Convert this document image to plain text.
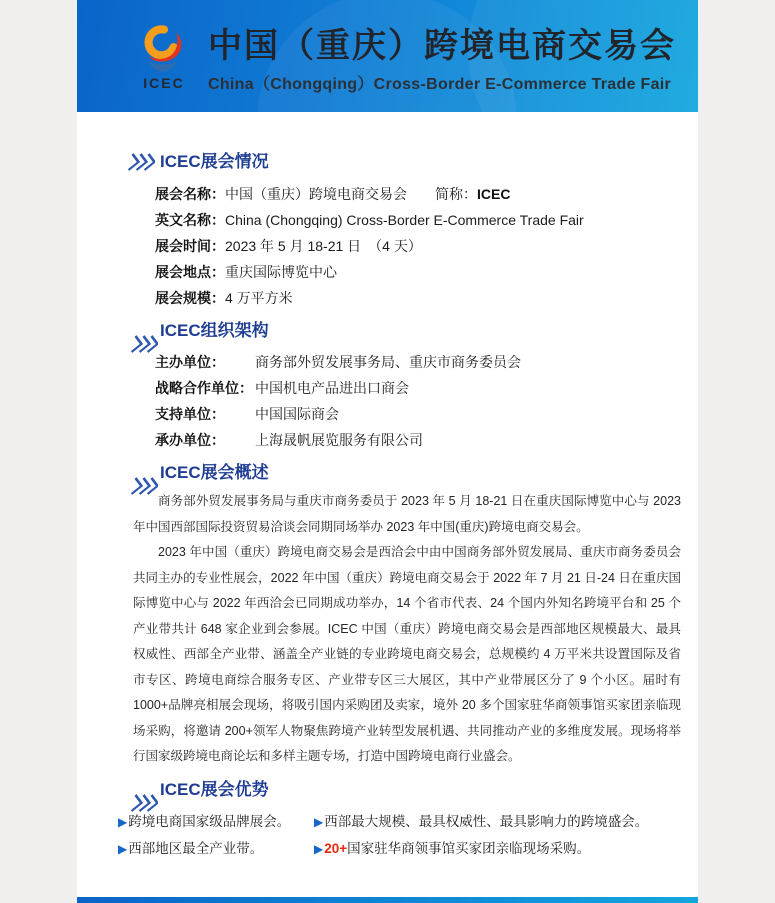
ICEC
中国（重庆）跨境电商交易会
China（Chongqing）Cross-Border E-Commerce Trade Fair
ICEC展会情况
展会名称：中国（重庆）跨境电商交易会 简称：ICEC
英文名称：China (Chongqing) Cross-Border E-Commerce Trade Fair
展会时间：2023 年 5 月 18-21 日　（4 天）
展会地点：重庆国际博览中心
展会规模：4 万平方米
ICEC组织架构
主办单位：	商务部外贸发展事务局、重庆市商务委员会
战略合作单位： 中国机电产品进出口商会
支持单位：	中国国际商会
承办单位：	上海晟帆展览服务有限公司
ICEC展会概述

商务部外贸发展事务局与重庆市商务委员于 2023 年 5 月 18-21 日在重庆国际博览中心与 2023 年中国西部国际投资贸易洽谈会同期同场举办 2023 年中国(重庆)跨境电商交易会。

2023 年中国（重庆）跨境电商交易会是西洽会中由中国商务部外贸发展局、重庆市商务委员会共同主办的专业性展会，2022 年中国（重庆）跨境电商交易会于 2022 年 7 月 21 日-24 日在重庆国际博览中心与 2022 年西洽会已同期成功举办，14 个省市代表、24 个国内外知名跨境平台和 25 个产业带共计 648 家企业到会参展。ICEC 中国（重庆）跨境电商交易会是西部地区规模最大、最具权威性、西部全产业带、涵盖全产业链的专业跨境电商交易会，总规模约 4 万平米共设置国际及省市专区、跨境电商综合服务专区、产业带专区三大展区，其中产业带展区分了 9 个小区。届时有 1000+品牌亮相展会现场，将吸引国内采购团及卖家，境外 20 多个国家驻华商领事馆买家团亲临现场采购，将邀请 200+领军人物聚焦跨境产业转型发展机遇、共同推动产业的多维度发展。现场将举行国家级跨境电商论坛和多样主题专场，打造中国跨境电商行业盛会。

ICEC展会优势
▶跨境电商国家级品牌展会。	▶西部最大规模、最具权威性、最具影响力的跨境盛会。
▶西部地区最全产业带。	▶20+国家驻华商领事馆买家团亲临现场采购。
